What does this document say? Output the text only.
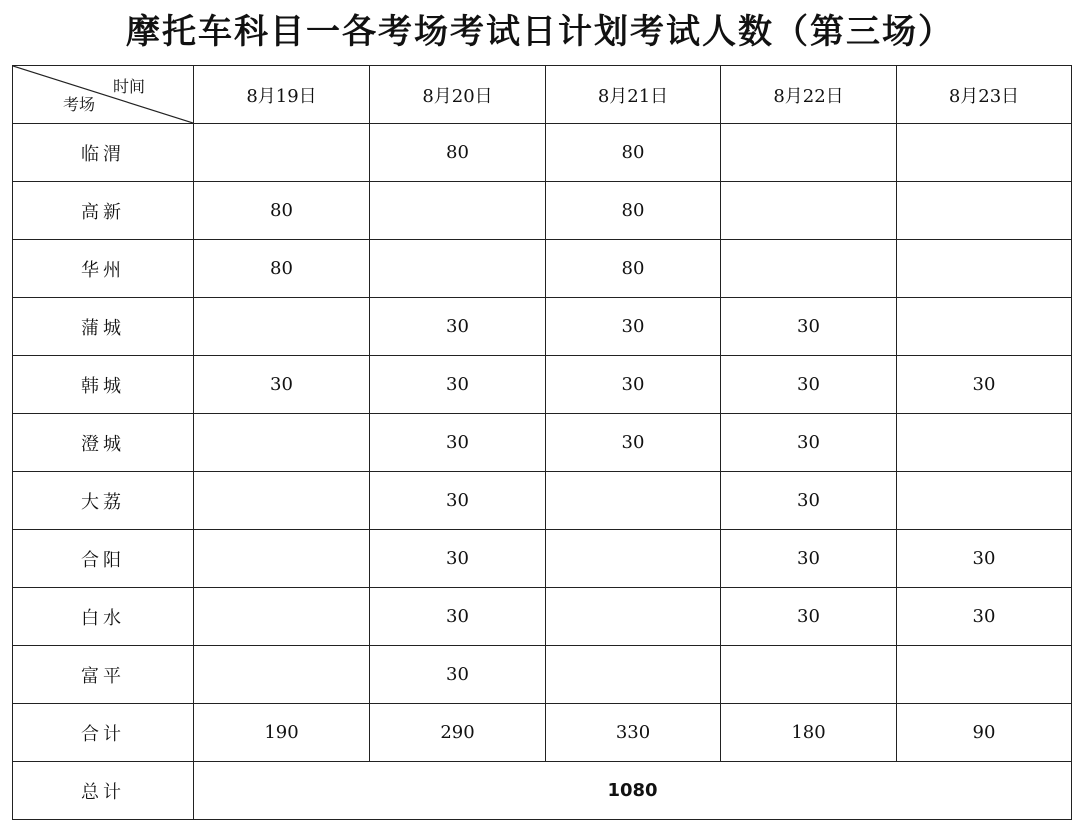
摩托车科目一各考场考试日计划考试人数（第三场）
时间
考场	8月19日	8月20日	8月21日	8月22日	8月23日
临渭		80	80		
高新	80		80		
华州	80		80		
蒲城		30	30	30	
韩城	30	30	30	30	30
澄城		30	30	30	
大荔		30		30	
合阳		30		30	30
白水		30		30	30
富平		30			
合计	190	290	330	180	90
总计	1080				
